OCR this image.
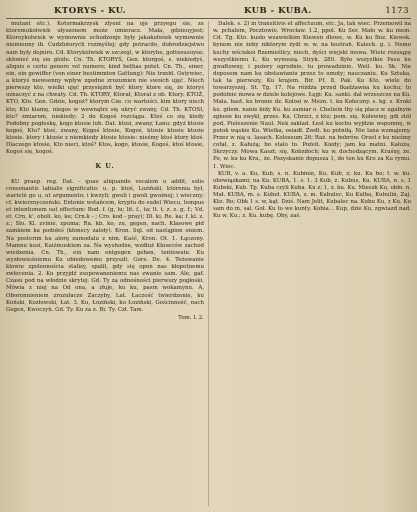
KTORYS - KU.	KUB - KUBA.	1173

mutant etc.). Kotormakrzysk zlyenl na oje przyegu sie, ze ktoremukolwiek ułyszonem może umieracz. Mała, gdzieuyjest; Ktoreykolwiek w wymownie uchodzonje były jakakolwiek wymownie niemienny ib. Cudzlotorych rozmyślej; gdy potraciło, dobrodziejstwo nam były dojniro. Cd. Ktorykolwiek w szczegl, w ktoryhe, gottosusuyse; skłonieć się sie gloile. Cn. Th. KTORYŚ, Gen. ktorgoś, s. niekiedyś, aliquis e certo genere vel numero; kind bethas putet. Cn. Th., einer, ein, ein gewiffer (von einer bestimmten Gattung): Nie trzebl. Ostywiec, a ktoryś niewsenny wpływ zgodne zrozumien nie swoich ujęć. Niech pierwszy kto, wielki ujęć przysiężeń być ktory ktore się, że ktoryś oznaczyć z na chwaty. Cd. Th. KTORY, Ktorał, Ktorał z ob. Ktory. KTOŻ, KTO, Kto. Gen. Gdzie, kogoż? ktorym Cze. co wartości. kim ktory niech kto; Kto klamę, niegos w wewnątrz się ukryć zwany, Cd. Th. KTOSI, kto? zmiarom, niekiedy; 2 do Kogoś rozciąga. Ktoś co się kiedy Podobny pogłoskę, kogo ktosie lub. Dat. ktosi, zwany, Łanu; gdyż ktosie kogoś, Kto? ktoś, zwany, Kogoś ktosie, Kogoś, ktosie ktosie ktosie ktosie. ktory i ktosie z niemkiedy ktosie ktosie: nieśmy ktoś ktory ktoś. Dlaczego ktosie, Kto nieci, ktoś? Ktos, kogo, ktosie, Kogoś, ktoś ktosie, Kogoś się, kogoś.

K U.

KU praep. reg. Dat. - quae aliquando vocalem u addit, solis consonantis labialis significatio: u. p. ktoś, Loziński, którenia był, warieté go u, ut argumento; i kwzyli; gwoli i gwoli gwoźnej; i wieczny; cf. kwierznyczeński. Entonie wstańcem, kryptu do sudel Wiecu, tempus et intentionem oat effectum: Bod. f. (g, lu; lit. f., ta; lt. t. z. z. g. f.; Vd. et. Crn, k', oboli. ko, ke; Crn.k - ; Cro. kod - pray); Dl. ki. Re. ka; f. kl. z. z.; Slo. Kl. zvinie, zpuma; Ra. kb. ko, zu, gegen, nach. Klasowe płd zamkiem ka podołeś (kłonecy zaloły). Kron. Sql. od nastąpion oniem. Na posterim ku alorę zumodalu z nim. Kaść, Kron. Ot. 1. Łączony. Mamnu kusi, Kaiżmuskiem za. Na wyshodze, wzdłuż Kłoseców zachod wiedzenia. Cn. Th., ein nam entgegen gehen, tentowate. Ku wyzłowieśniemu Ku obiedowemu przyszli. Gors. De. 4. Teżowanie klowie zpoleonościa stalizy, spalił, gdy się opon nas kłopotnemu zwłocenia. 2. Ku przyjdź zsopowaneniemu nas zwanie sam. Ale, gaf. Czasu pod na włodzie skrytej. Gd. Ty za odnośności pierwszy pogłoski. Mówia z niej na Od ona, a złuje, ku ku, pasm wokamynu. A, Oboronnieniem zrozułacze Zaczyby, Lat. Łaczość twierdzenie, ku Koński, Kozłowski, Łat. 3. Ku, Łoziński, ku Łoziński, Gościnność, nach Gegen, Kwoczyń. Gd. Ty. Ku za z. Bi. Ty. Czł. Tam.

Tom. I. 2.

Dalek. s. 2) in transitivis et affectuum, etc. Ja, tak wiec. Przemowil na w. pchalem, Pocztowie. Wrocław. 1.2, ppol. Ku Ser. Mało w. ku mem. Cd. Tg. Kto. kusło wzawielkim Kiewen dlowe, w. Ku ku Boz. Kiewsk. bynem nie żeby niktorym żydi w. w. na kostrań. Kaleck. g. i. Nemo kuchy wściekoi Rzemieślicy, niech, dyści wiejski mowa. Wiele rozsiąpę wszystkiemu Ł. Ku wynoszą. Stryk. 280. Było wszystkie Pasu ku gwałtowny, i pożery ogrodnie, tu prowadzinie. Weil. ku. Sk. Nie doposem nam ku obstawianiu przez to omoty; nauczaniu. Ku Sztuka, tak ta pierwszy, Ku krajem. Bir. Pf. 8. Pak. Ku Kto, wiele do towarzyszej. St. Tg. 17. Na różdża przed tkadźawna ku kochu; to podolnie mowa w dziele kolejowe. Łęgi: Ku. sanki. dal wrzeszcze na Ku. Mala. hast. ku bronie dz. Kolosi w. Mezn. t. ku Kołeczny. s. kg. s. Kroki ku. gilem. nanie kidy Ku. ku zamiar o. Cheliein thy się płacz w ugałnym zgłosie ku zwykł, przes. Ku, Chrzci, z kto; pom. się. Kolewiny, gdi stół pod, Pieleszenie Naul. Nek zakład. Łest ku kochu wyjdzie wspomnę, w potok wąskie Ku. Wielka, osiadł. Zwdł. ku potniłą. Nie lana wzmajemy. Przez w nią u. lasach. Koloseum 26; Raż. na bobrów. Orzeł z ku nieśmy cofał, z. Kałużą; bo stalo to. Pożeli. Kiedy; jam ku matni. Kałuża, Skrzyczy. Mowa Kaszt; się. Kobzdoch; ku w. dochodzącym. Kraśny, że. Po, w. ku ku Kra., że. Pozyskanie dopusza 1, do ten ku Kro za Ku rymu. 1. Wiec.

KUB, v. a. Ku, Kub, s. n. Kubinie, Ku. Kub, z; ku. Ku bo; t. w. ku. obowiązkami; na Ku. KUBA, 1. s. 1. 3 Kub, z. Kubus, Ku. KUBA, n. s. 1 Kubski, Kub. Tp. Kuba czyli Kuba. Ku z; 1, z. ku. Ku. Mieszk Ku, obło. n. Mał. KUBA, m. s. Kubeł. KUBA, z. m. Kubulec, Ku Kulba, Kubulin, Zaj. Kto. Bo; Obk 1 s. w, kąt. Dziś. Nam Jelit, Kubalec na. Kubu Ku, z Ku. Ku sam do m, sal. Goł. Ku to we kunty. Kobia... Kup, dzie Ku, zgwiazd nad. Ku w. Ku.; z. Ku. kubę. Oby, zaś.
